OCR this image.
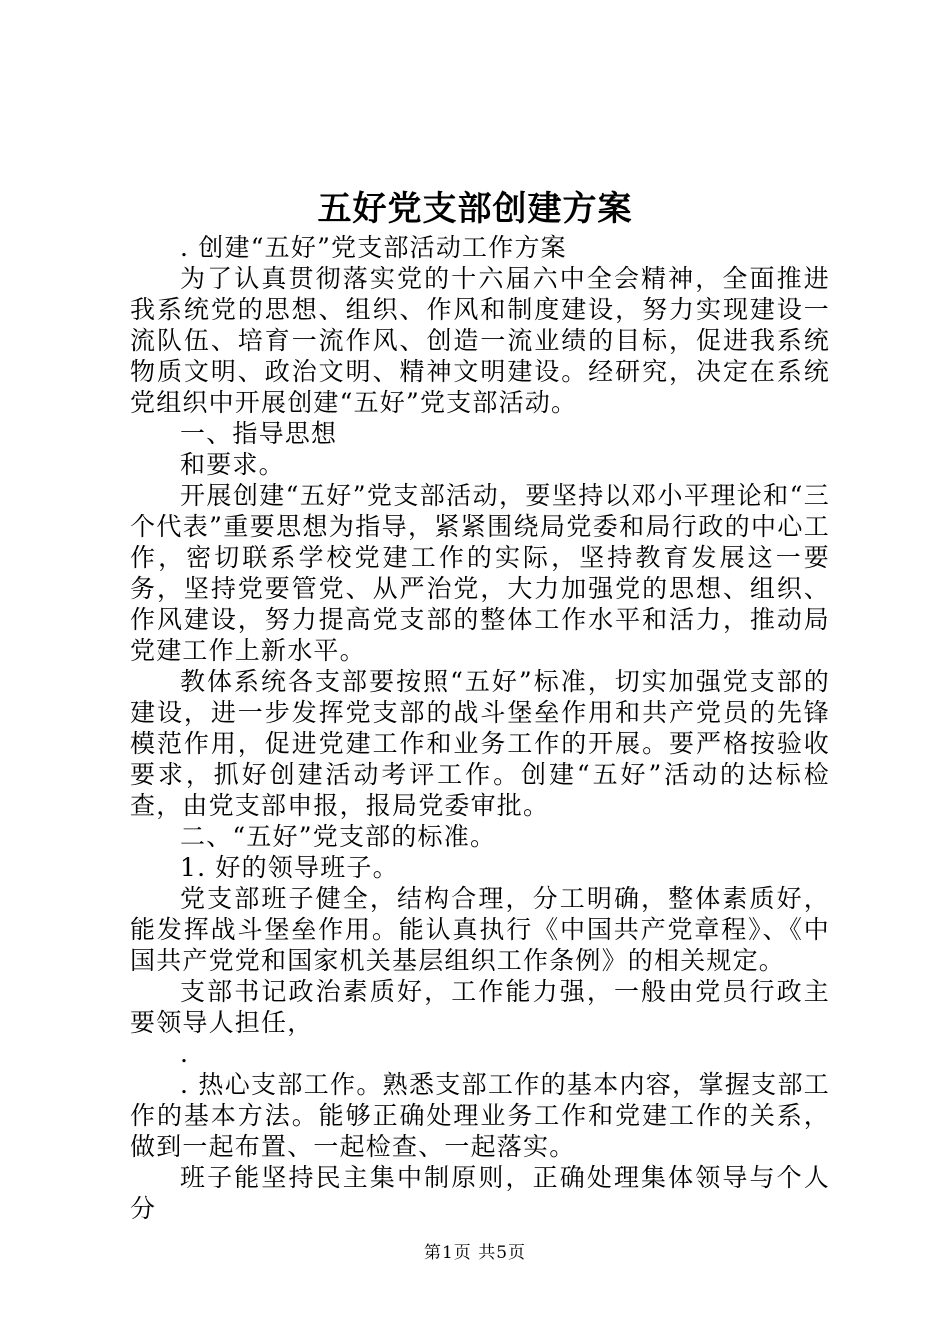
五好党支部创建方案

. 创建“五好”党支部活动工作方案

为了认真贯彻落实党的十六届六中全会精神，全面推进我系统党的思想、组织、作风和制度建设，努力实现建设一流队伍、培育一流作风、创造一流业绩的目标，促进我系统物质文明、政治文明、精神文明建设。经研究，决定在系统党组织中开展创建“五好”党支部活动。

一、指导思想

和要求。

开展创建“五好”党支部活动，要坚持以邓小平理论和“三个代表”重要思想为指导，紧紧围绕局党委和局行政的中心工作，密切联系学校党建工作的实际，坚持教育发展这一要务，坚持党要管党、从严治党，大力加强党的思想、组织、作风建设，努力提高党支部的整体工作水平和活力，推动局党建工作上新水平。

教体系统各支部要按照“五好”标准，切实加强党支部的建设，进一步发挥党支部的战斗堡垒作用和共产党员的先锋模范作用，促进党建工作和业务工作的开展。要严格按验收要求，抓好创建活动考评工作。创建“五好”活动的达标检查，由党支部申报，报局党委审批。

二、“五好”党支部的标准。

1. 好的领导班子。

党支部班子健全，结构合理，分工明确，整体素质好，能发挥战斗堡垒作用。能认真执行《中国共产党章程》、《中国共产党党和国家机关基层组织工作条例》的相关规定。

支部书记政治素质好，工作能力强，一般由党员行政主要领导人担任，

.

. 热心支部工作。熟悉支部工作的基本内容，掌握支部工作的基本方法。能够正确处理业务工作和党建工作的关系，做到一起布置、一起检查、一起落实。

班子能坚持民主集中制原则，正确处理集体领导与个人分

第1页 共5页
